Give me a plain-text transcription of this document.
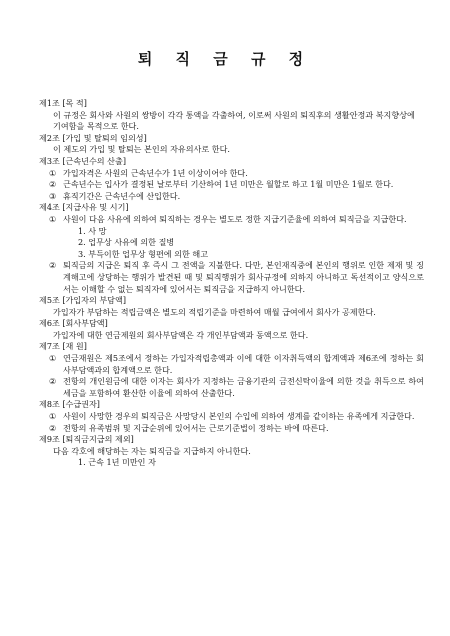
퇴 직 금 규 정
제1조 [목 적]
이 규정은 회사와 사원의 쌍방이 각각 통액을 각출하여, 이로써 사원의 퇴직후의 생활안정과 복지향상에 기여함을 목적으로 한다.
제2조 [가입 및 탈퇴의 임의성]
이 제도의 가입 및 탈퇴는 본인의 자유의사로 한다.
제3조 [근속년수의 산출]
① 가입자격은 사원의 근속년수가 1년 이상이어야 한다.
② 근속년수는 입사가 결정된 날로부터 기산하여 1년 미만은 월할로 하고 1월 미만은 1월로 한다.
③ 휴직기간은 근속년수에 산입한다.
제4조 [지급사유 및 시기]
① 사원이 다음 사유에 의하여 퇴직하는 경우는 별도로 정한 지급기준율에 의하여 퇴직금을 지급한다.
1. 사 망
2. 업무상 사유에 의한 질병
3. 부득이한 업무상 형편에 의한 해고
② 퇴직금의 지급은 퇴직 후 즉시 그 전액을 지불한다. 다만, 본인재직중에 본인의 행위로 인한 제재 및 징계해고에 상당하는 행위가 발견된 때 및 퇴직행위가 회사규정에 의하지 아니하고 독선적이고 양식으로서는 이해할 수 없는 퇴직자에 있어서는 퇴직금을 지급하지 아니한다.
제5조 [가입자의 부담액]
가입자가 부담하는 적립금액은 별도의 적립기준을 마련하여 매월 급여에서 회사가 공제한다.
제6조 [회사부담액]
가입자에 대한 연금제원의 회사부담액은 각 개인부담액과 동액으로 한다.
제7조 [재 원]
① 연금재원은 제5조에서 정하는 가입자적립총액과 이에 대한 이자취득액의 합계액과 제6조에 정하는 회사부담액과의 합계액으로 한다.
② 전항의 개인원금에 대한 이자는 회사가 지정하는 금융기관의 금전신탁이율에 의한 것을 취득으로 하여 세금을 포함하여 환산한 이율에 의하여 산출한다.
제8조 [수급권자]
① 사원이 사망한 경우의 퇴직금은 사망당시 본인의 수입에 의하여 생계를 같이하는 유족에게 지급한다.
② 전항의 유족범위 및 지급순위에 있어서는 근로기준법이 정하는 바에 따른다.
제9조 [퇴직금지급의 제외]
다음 각호에 해당하는 자는 퇴직금을 지급하지 아니한다.
1. 근속 1년 미만인 자
